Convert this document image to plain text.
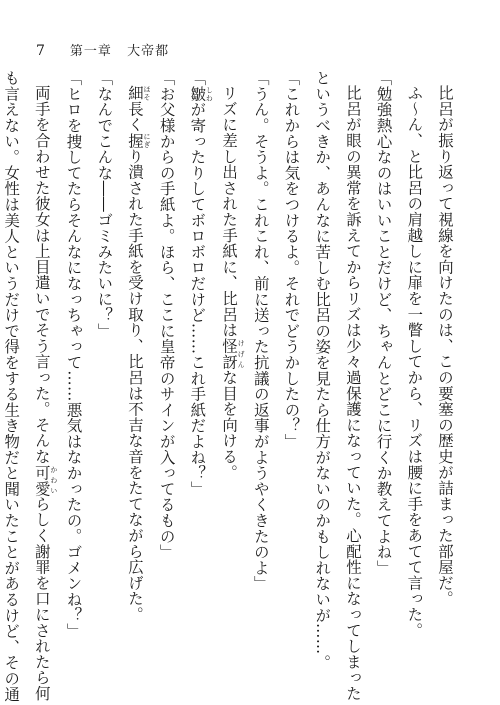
7 第一章 大帝都

比呂が振り返って視線を向けたのは、この要塞の歴史が詰まった部屋だ。

ふ〜ん、と比呂の肩越しに扉を一瞥してから、リズは腰に手をあてて言った。

「勉強熱心なのはいいことだけど、ちゃんとどこに行くか教えてよね」

比呂が眼の異常を訴えてからリズは少々過保護になっていた。心配性になってしまった

というべきか、あんなに苦しむ比呂の姿を見たら仕方がないのかもしれないが……。

「これからは気をつけるよ。それでどうかしたの？」

「うん。そうよ。これこれ、前に送った抗議の返事がようやくきたのよ」

リズに差し出された手紙に、比呂は怪訝 けげんな目を向ける。

「皺 しわが寄ったりしてボロボロだけど……これ手紙だよね？」

「お父様からの手紙よ。ほら、ここに皇帝のサインが入ってるもの」

細 ほそ長く握 にぎり潰された手紙を受け取り、比呂は不吉な音をたてながら広げた。

「なんでこんな――ゴミみたいに？」

「ヒロを捜してたらそんなになっちゃって……悪気はなかったの。ゴメンね？」

両手を合わせた彼女は上目遣いでそう言った。そんな可愛 かわいらしく謝罪を口にされたら何

も言えない。女性は美人というだけで得をする生き物だと聞いたことがあるけど、その通
